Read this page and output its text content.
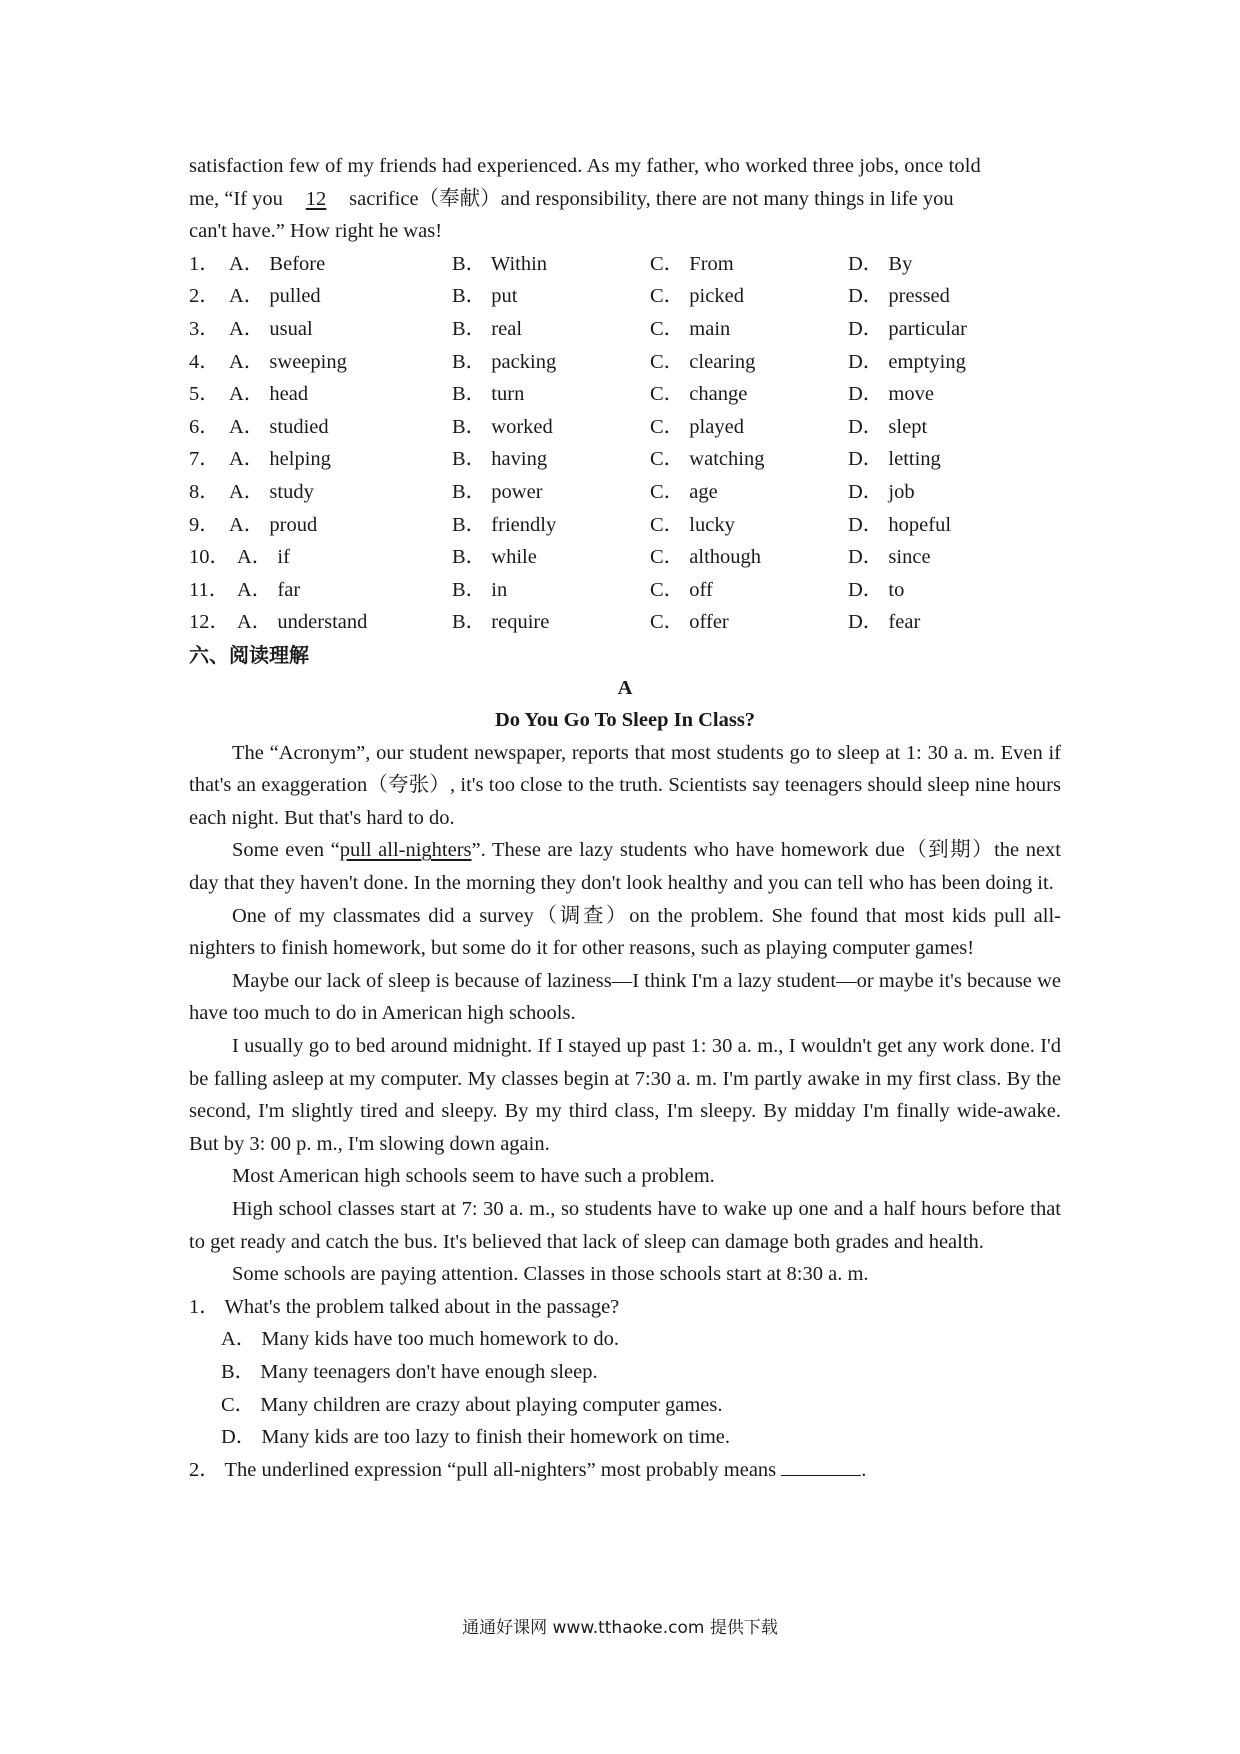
satisfaction few of my friends had experienced. As my father, who worked three jobs, once told
me, “If you 12 sacrifice（奉献）and responsibility, there are not many things in life you
can't have.” How right he was!
1． A． Before	B． Within	C． From	D． By
2． A． pulled	B． put	C． picked	D． pressed
3． A． usual	B． real	C． main	D． particular
4． A． sweeping	B． packing	C． clearing	D． emptying
5． A． head	B． turn	C． change	D． move
6． A． studied	B． worked	C． played	D． slept
7． A． helping	B． having	C． watching	D． letting
8． A． study	B． power	C． age	D． job
9． A． proud	B． friendly	C． lucky	D． hopeful
10． A． if	B． while	C． although	D． since
11． A． far	B． in	C． off	D． to
12． A． understand	B． require	C． offer	D． fear
六、阅读理解
A
Do You Go To Sleep In Class?
The “Acronym”, our student newspaper, reports that most students go to sleep at 1: 30 a. m. Even if that's an exaggeration（夸张）, it's too close to the truth. Scientists say teenagers should sleep nine hours each night. But that's hard to do.
Some even “pull all-nighters”. These are lazy students who have homework due（到期）the next day that they haven't done. In the morning they don't look healthy and you can tell who has been doing it.
One of my classmates did a survey（调查）on the problem. She found that most kids pull all-nighters to finish homework, but some do it for other reasons, such as playing computer games!
Maybe our lack of sleep is because of laziness—I think I'm a lazy student—or maybe it's because we have too much to do in American high schools.
I usually go to bed around midnight. If I stayed up past 1: 30 a. m., I wouldn't get any work done. I'd be falling asleep at my computer. My classes begin at 7:30 a. m. I'm partly awake in my first class. By the second, I'm slightly tired and sleepy. By my third class, I'm sleepy. By midday I'm finally wide-awake. But by 3: 00 p. m., I'm slowing down again.
Most American high schools seem to have such a problem.
High school classes start at 7: 30 a. m., so students have to wake up one and a half hours before that to get ready and catch the bus. It's believed that lack of sleep can damage both grades and health.
Some schools are paying attention. Classes in those schools start at 8:30 a. m.
1． What's the problem talked about in the passage?
A． Many kids have too much homework to do.
B． Many teenagers don't have enough sleep.
C． Many children are crazy about playing computer games.
D． Many kids are too lazy to finish their homework on time.
2． The underlined expression “pull all-nighters” most probably means	.
通通好课网 www.tthaoke.com 提供下载
